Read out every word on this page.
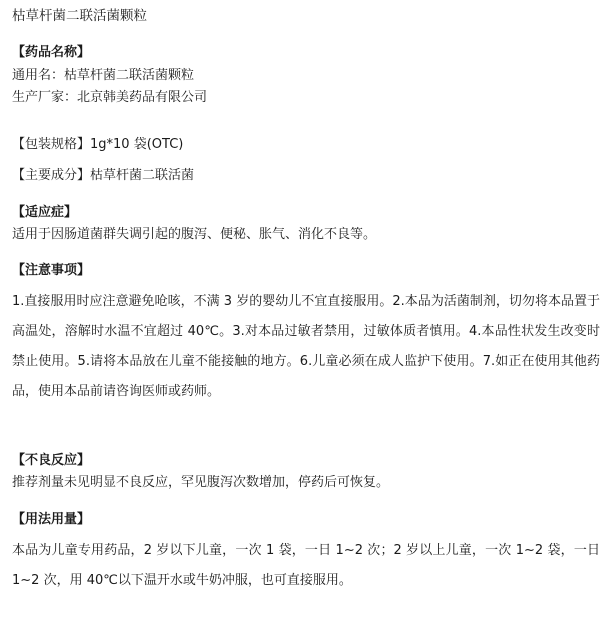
枯草杆菌二联活菌颗粒
【药品名称】
通用名：枯草杆菌二联活菌颗粒
生产厂家：北京韩美药品有限公司
【包装规格】1g*10 袋(OTC)
【主要成分】枯草杆菌二联活菌
【适应症】
适用于因肠道菌群失调引起的腹泻、便秘、胀气、消化不良等。
【注意事项】
1.直接服用时应注意避免呛咳，不满 3 岁的婴幼儿不宜直接服用。2.本品为活菌制剂，切勿将本品置于高温处，溶解时水温不宜超过 40℃。3.对本品过敏者禁用，过敏体质者慎用。4.本品性状发生改变时禁止使用。5.请将本品放在儿童不能接触的地方。6.儿童必须在成人监护下使用。7.如正在使用其他药品，使用本品前请咨询医师或药师。
【不良反应】
推荐剂量未见明显不良反应，罕见腹泻次数增加，停药后可恢复。
【用法用量】
本品为儿童专用药品，2 岁以下儿童，一次 1 袋，一日 1~2 次；2 岁以上儿童，一次 1~2 袋，一日 1~2 次，用 40℃以下温开水或牛奶冲服，也可直接服用。
